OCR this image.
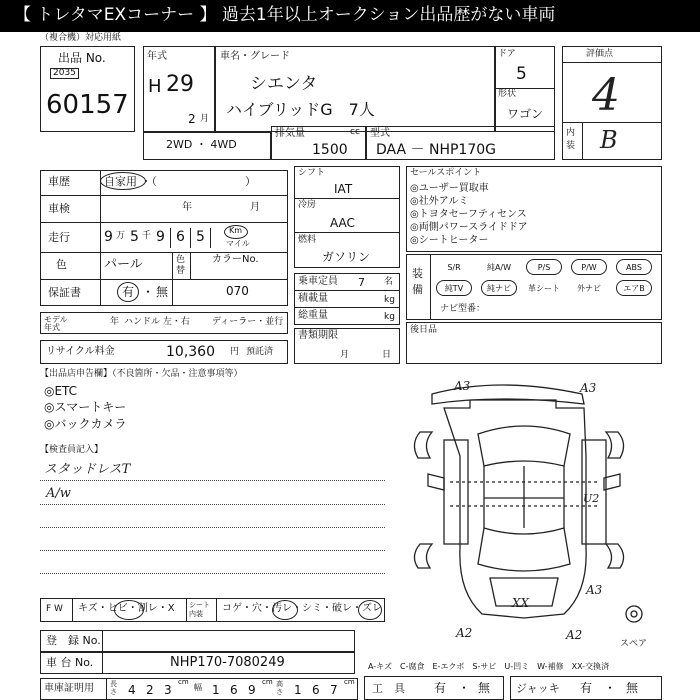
【 トレタマEXコーナー 】 過去1年以上オークション出品歴がない車両
（複合機）対応用紙
出品 No.
2035
60157
年式
H 29
2 月
車名・グレード
シエンタ
ハイブリッドG　7人
ドア
5
形状
ワゴン
評価点
4
内装 B
2WD ・ 4WD
排気量	cc
1500
型式
DAA － NHP170G
車歴	自家用 ・（　　　　　　　　）
車検	年	月
走行 9 万 5 千 9 6 5	Km
マイル
色	パール	色替
カラーNo.
保証書	有 ・ 無	070
モデル年式
年 ハンドル 左・右 ディーラー・並行
リサイクル料金	10,360 円 預託済
シフト
IAT
冷房
AAC
燃料
ガソリン
乗車定員 7 名
積載量	kg
総重量	kg
書類期限
月	日
セールスポイント
◎ユーザー買取車
◎社外アルミ
◎トヨタセーフティセンス
◎両側パワースライドドア
◎シートヒーター
装備
S/R	純A/W	P/S	P/W	ABS
純TV	純ナビ	革シート	外ナビ	エアB
ナビ型番：
後日品
【出品店申告欄】（不良箇所・欠品・注意事項等）
◎ETC
◎スマートキー
◎バックカメラ
【検査員記入】
スタッドレスT
A/w
A3	A3
U2
A3
XX
A2	A2
スペア
F W キズ・ヒビ・割レ・X シート内装	コゲ・穴・汚レ・シミ・破レ・ズレ
登　録 No.
車 台 No.	NHP170-7080249	A-キズ　C-腐食　E-エクボ　S-サビ　U-凹ミ　W-補修　XX-交換済
車庫証明用 長さ 4 2 3
cm
幅 1 6 9
cm 高さ 1 6 7
cm 工　具 有 ・ 無 ジャッキ 有 ・ 無
